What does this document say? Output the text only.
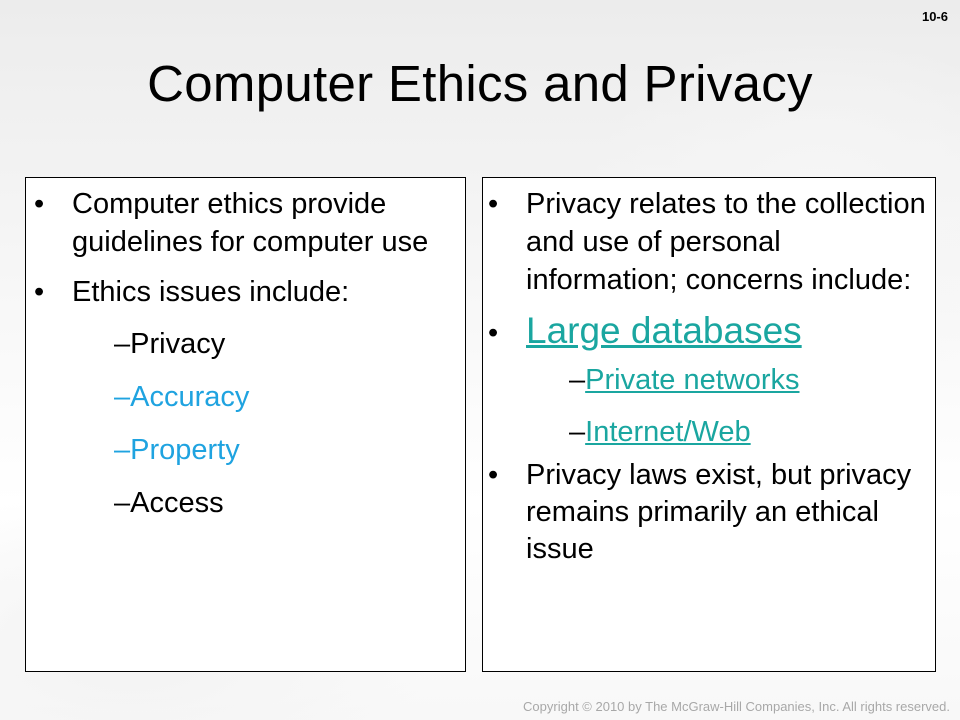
10-6
Computer Ethics and Privacy
• Computer ethics provide guidelines for computer use
• Ethics issues include:
–Privacy
–Accuracy
–Property
–Access
• Privacy relates to the collection and use of personal information; concerns include:
• Large databases
–Private networks
–Internet/Web
• Privacy laws exist, but privacy remains primarily an ethical issue
Copyright © 2010 by The McGraw-Hill Companies, Inc. All rights reserved.
